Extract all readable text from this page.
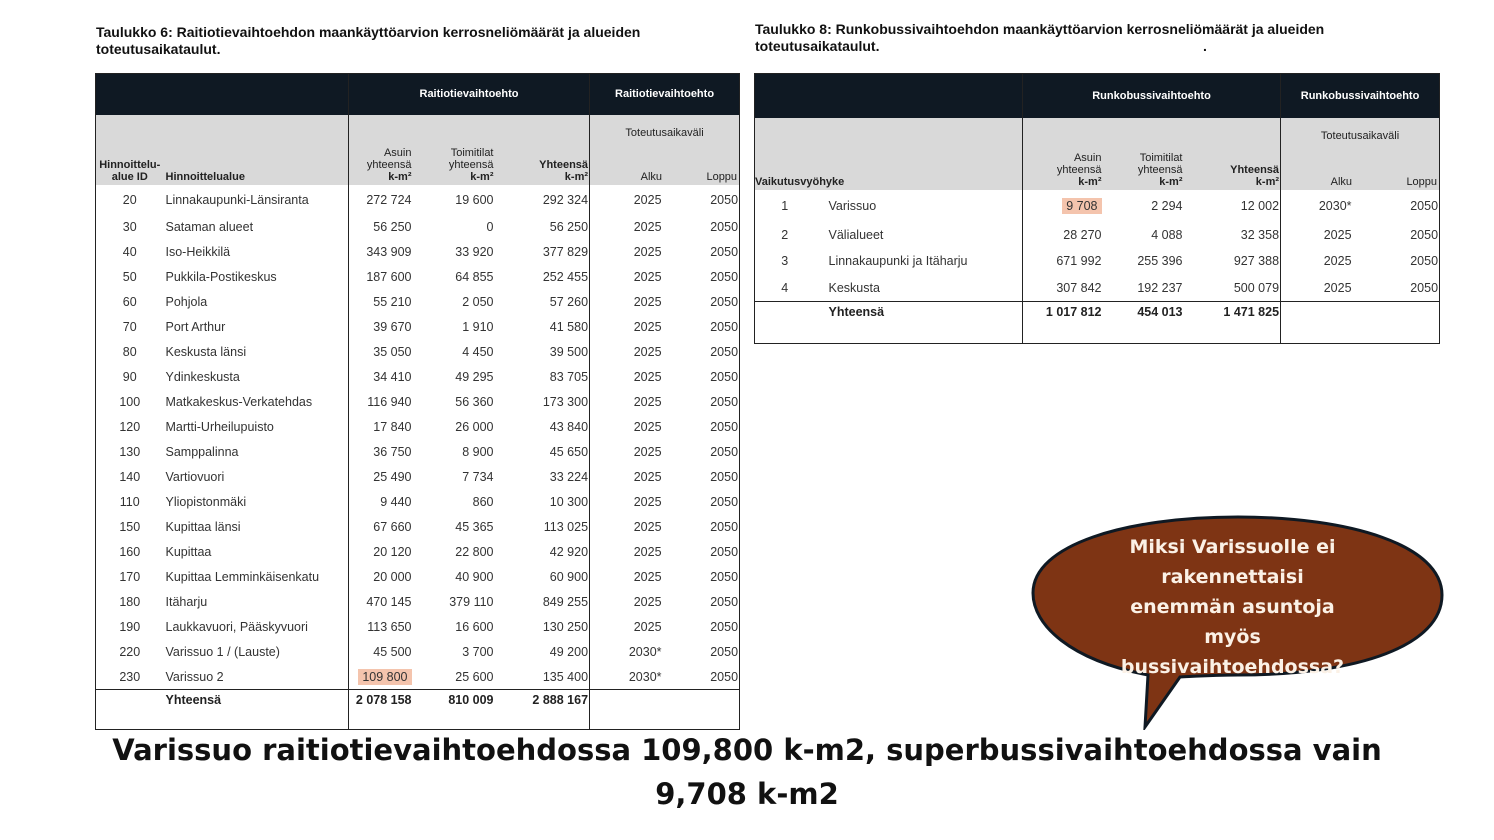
Taulukko 6: Raitiotievaihtoehdon maankäyttöarvion kerrosneliömäärät ja alueiden toteutusaikataulut.
		Raitiotievaihtoehto			Raitiotievaihtoehto	
Hinnoittelu-
alue ID	Hinnoittelualue	Asuin
yhteensä
k-m²	Toimitilat
yhteensä
k-m²	Yhteensä
k-m²	
Toteutusaikaväli
Alku	Loppu

20	Linnakaupunki-Länsiranta	272 724	19 600	292 324	2025	2050
30	Sataman alueet	56 250	0	56 250	2025	2050
40	Iso-Heikkilä	343 909	33 920	377 829	2025	2050
50	Pukkila-Postikeskus	187 600	64 855	252 455	2025	2050
60	Pohjola	55 210	2 050	57 260	2025	2050
70	Port Arthur	39 670	1 910	41 580	2025	2050
80	Keskusta länsi	35 050	4 450	39 500	2025	2050
90	Ydinkeskusta	34 410	49 295	83 705	2025	2050
100	Matkakeskus-Verkatehdas	116 940	56 360	173 300	2025	2050
120	Martti-Urheilupuisto	17 840	26 000	43 840	2025	2050
130	Samppalinna	36 750	8 900	45 650	2025	2050
140	Vartiovuori	25 490	7 734	33 224	2025	2050
110	Yliopistonmäki	9 440	860	10 300	2025	2050
150	Kupittaa länsi	67 660	45 365	113 025	2025	2050
160	Kupittaa	20 120	22 800	42 920	2025	2050
170	Kupittaa Lemminkäisenkatu	20 000	40 900	60 900	2025	2050
180	Itäharju	470 145	379 110	849 255	2025	2050
190	Laukkavuori, Pääskyvuori	113 650	16 600	130 250	2025	2050
220	Varissuo 1 / (Lauste)	45 500	3 700	49 200	2030*	2050
230	Varissuo 2	109 800	25 600	135 400	2030*	2050
	Yhteensä	2 078 158	810 009	2 888 167		
Taulukko 8: Runkobussivaihtoehdon maankäyttöarvion kerrosneliömäärät ja alueiden toteutusaikataulut.	.
		Runkobussivaihtoehto			Runkobussivaihtoehto	
Vaikutusvyöhyke	Asuin
yhteensä
k-m²	Toimitilat
yhteensä
k-m²	Yhteensä
k-m²	
Toteutusaikaväli
Alku	Loppu

1	Varissuo	9 708	2 294	12 002	2030*	2050
2	Välialueet	28 270	4 088	32 358	2025	2050
3	Linnakaupunki ja Itäharju	671 992	255 396	927 388	2025	2050
4	Keskusta	307 842	192 237	500 079	2025	2050
	Yhteensä	1 017 812	454 013	1 471 825		
Miksi Varissuolle ei
rakennettaisi
enemmän asuntoja
myös
bussivaihtoehdossa?
Varissuo raitiotievaihtoehdossa 109,800 k-m2, superbussivaihtoehdossa vain
9,708 k-m2
